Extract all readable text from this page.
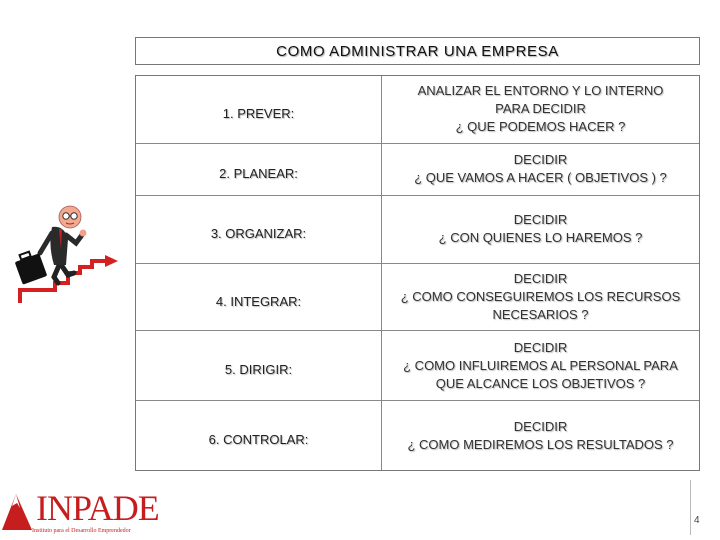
COMO ADMINISTRAR UNA EMPRESA
1. PREVER:
ANALIZAR EL ENTORNO Y LO INTERNO
PARA DECIDIR
¿ QUE PODEMOS HACER ?
2. PLANEAR:
DECIDIR
¿ QUE VAMOS A HACER ( OBJETIVOS ) ?
3. ORGANIZAR:
DECIDIR
¿ CON QUIENES LO HAREMOS ?
4. INTEGRAR:
DECIDIR
¿ COMO CONSEGUIREMOS LOS RECURSOS
NECESARIOS ?
5. DIRIGIR:
DECIDIR
¿ COMO INFLUIREMOS AL PERSONAL PARA
QUE ALCANCE LOS OBJETIVOS ?
6. CONTROLAR:
DECIDIR
¿ COMO MEDIREMOS LOS RESULTADOS ?
INPADE
Instituto para el Desarrollo Emprendedor
4
